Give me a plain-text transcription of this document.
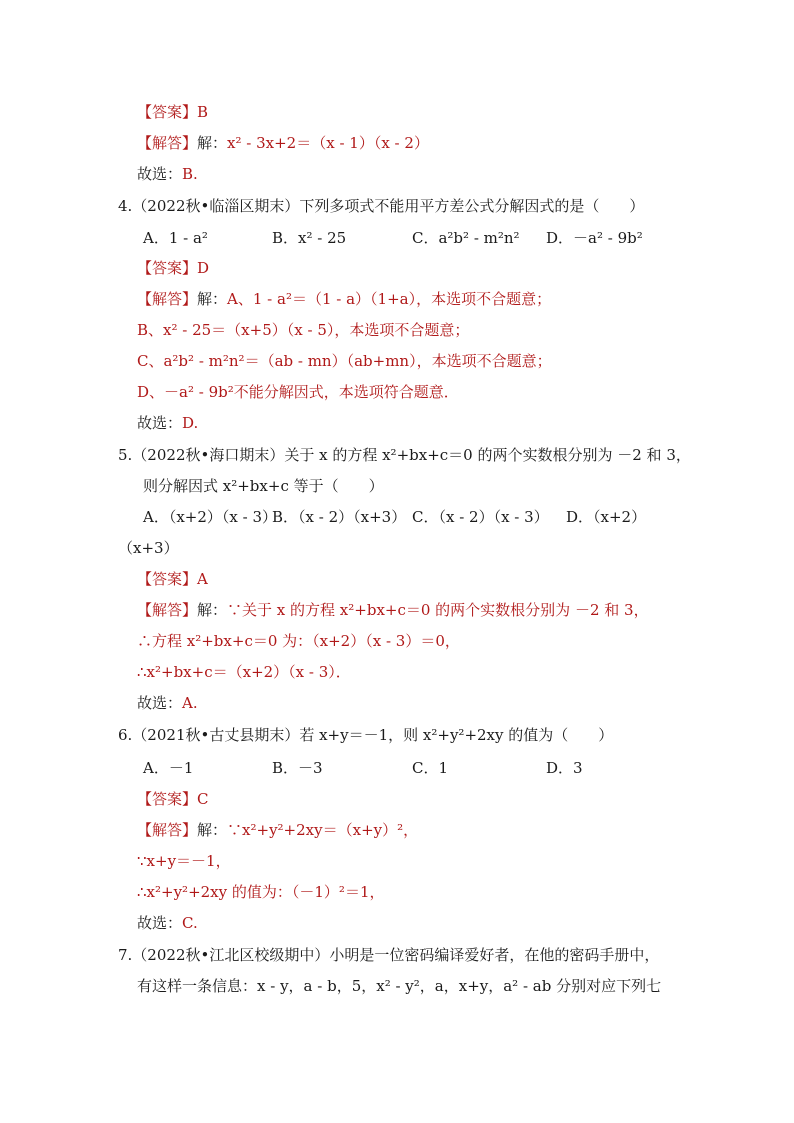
【答案】B
【解答】解：x² - 3x+2＝（x - 1）（x - 2）
故选：B.
4.（2022秋•临淄区期末）下列多项式不能用平方差公式分解因式的是（　　）
A．1 - a²	B．x² - 25	C．a²b² - m²n² D．－a² - 9b²
【答案】D
【解答】解：A、1 - a²＝（1 - a）（1+a），本选项不合题意；
B、x² - 25＝（x+5）（x - 5），本选项不合题意；
C、a²b² - m²n²＝（ab - mn）（ab+mn），本选项不合题意；
D、－a² - 9b²不能分解因式，本选项符合题意．
故选：D.
5.（2022秋•海口期末）关于 x 的方程 x²+bx+c＝0 的两个实数根分别为 －2 和 3，
则分解因式 x²+bx+c 等于（　　）
A．（x+2）（x - 3）
B．（x - 2）（x+3） C．（x - 2）（x - 3） D．（x+2）
（x+3）
【答案】A
【解答】解：∵关于 x 的方程 x²+bx+c＝0 的两个实数根分别为 －2 和 3，
∴方程 x²+bx+c＝0 为：（x+2）（x - 3）＝0，
∴x²+bx+c＝（x+2）（x - 3）．
故选：A.
6.（2021秋•古丈县期末）若 x+y＝－1，则 x²+y²+2xy 的值为（　　）
A．－1	B．－3	C．1	D．3
【答案】C
【解答】解：∵x²+y²+2xy＝（x+y）²，
∵x+y＝－1，
∴x²+y²+2xy 的值为：（－1）²＝1，
故选：C.
7.（2022秋•江北区校级期中）小明是一位密码编译爱好者，在他的密码手册中，
有这样一条信息：x - y，a - b，5，x² - y²，a，x+y，a² - ab 分别对应下列七
